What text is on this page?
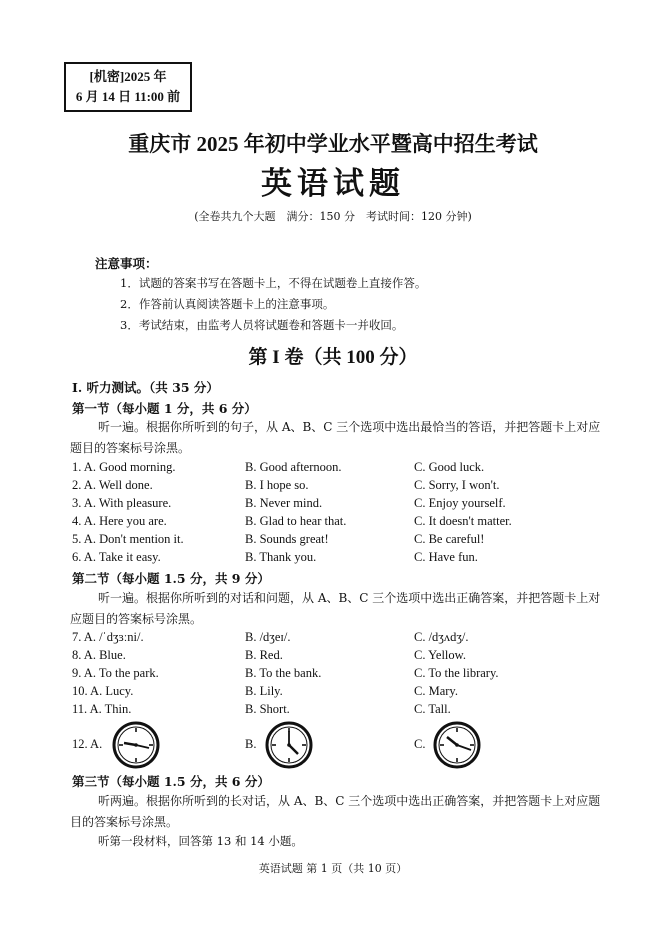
[机密]2025 年
6 月 14 日 11:00 前
重庆市 2025 年初中学业水平暨高中招生考试
英语试题
(全卷共九个大题　满分：150 分　考试时间：120 分钟)
注意事项：
1．试题的答案书写在答题卡上，不得在试题卷上直接作答。
2．作答前认真阅读答题卡上的注意事项。
3．考试结束，由监考人员将试题卷和答题卡一并收回。
第 I 卷（共 100 分）
I. 听力测试。（共 35 分）
第一节（每小题 1 分，共 6 分）
听一遍。根据你所听到的句子，从 A、B、C 三个选项中选出最恰当的答语，并把答题卡上对应题目的答案标号涂黑。
1. A. Good morning.	B. Good afternoon.	C. Good luck.
2. A. Well done.	B. I hope so.	C. Sorry, I won't.
3. A. With pleasure.	B. Never mind.	C. Enjoy yourself.
4. A. Here you are.	B. Glad to hear that.	C. It doesn't matter.
5. A. Don't mention it.	B. Sounds great!	C. Be careful!
6. A. Take it easy.	B. Thank you.	C. Have fun.
第二节（每小题 1.5 分，共 9 分）
听一遍。根据你所听到的对话和问题，从 A、B、C 三个选项中选出正确答案，并把答题卡上对应题目的答案标号涂黑。
7. A. /ˈdʒɜːni/.	B. /dʒeɪ/.	C. /dʒʌdʒ/.
8. A. Blue.	B. Red.	C. Yellow.
9. A. To the park.	B. To the bank.	C. To the library.
10. A. Lucy.	B. Lily.	C. Mary.
11. A. Thin.	B. Short.	C. Tall.
12. A.	B.	C.
第三节（每小题 1.5 分，共 6 分）
听两遍。根据你所听到的长对话，从 A、B、C 三个选项中选出正确答案，并把答题卡上对应题目的答案标号涂黑。
听第一段材料，回答第 13 和 14 小题。
英语试题 第 1 页（共 10 页）
